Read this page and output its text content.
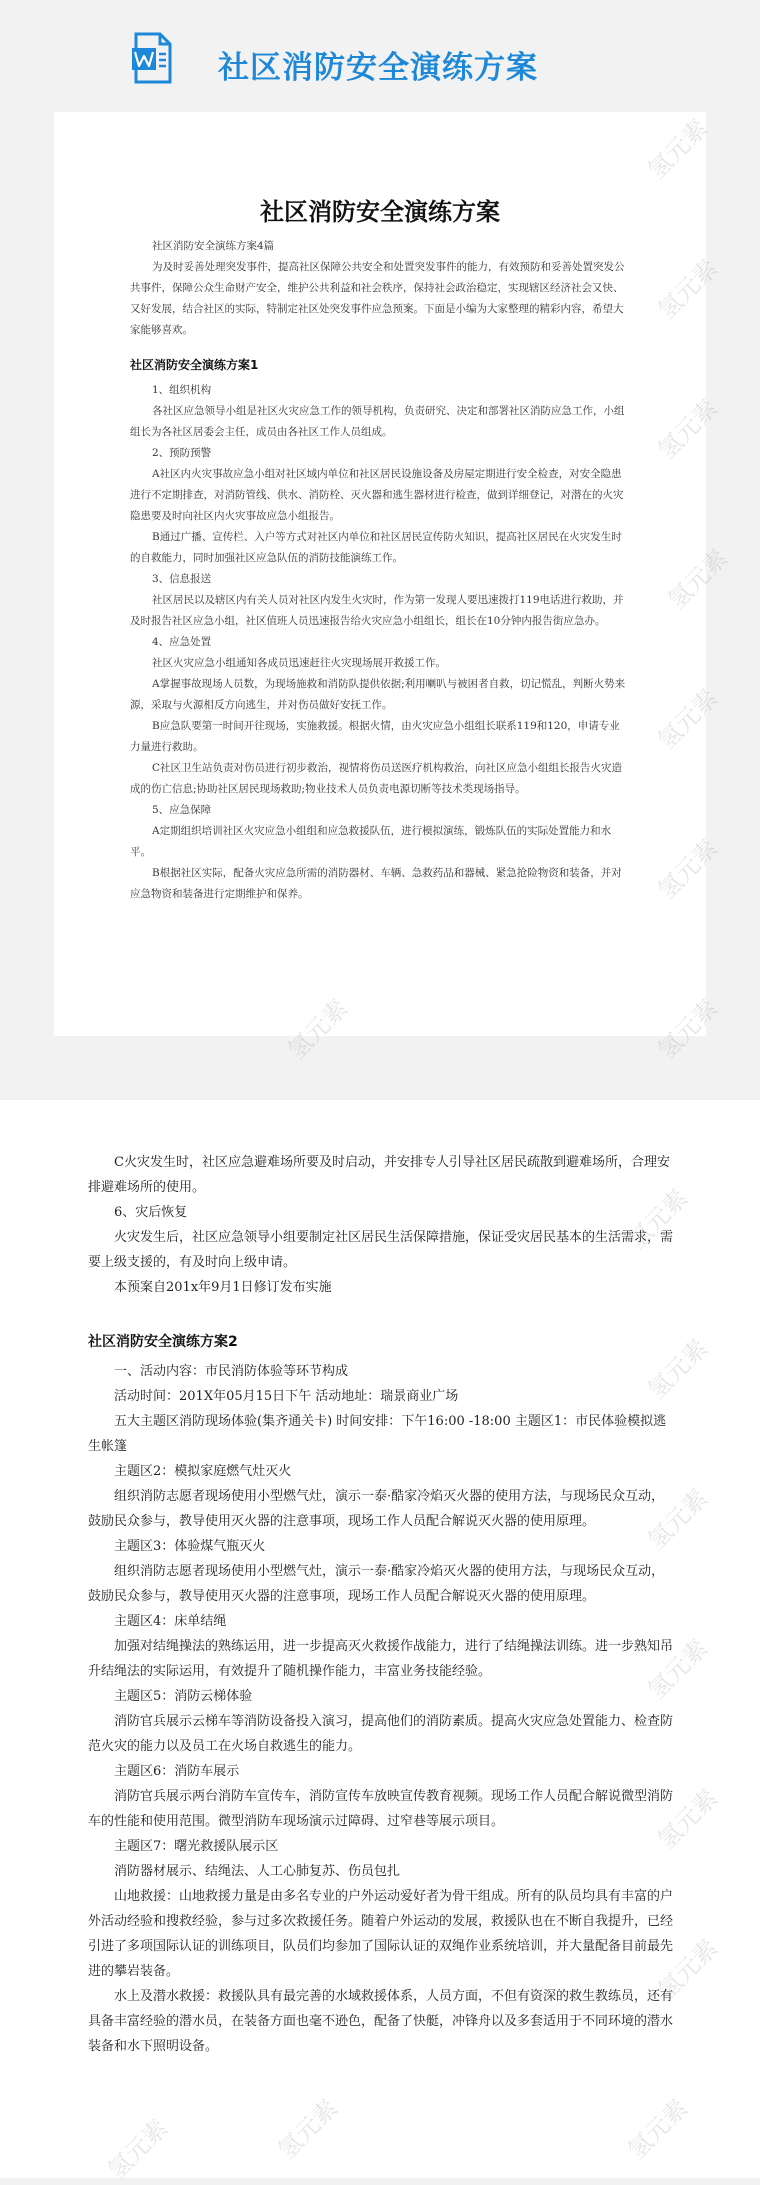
社区消防安全演练方案
社区消防安全演练方案

社区消防安全演练方案4篇

为及时妥善处理突发事件，提高社区保障公共安全和处置突发事件的能力，有效预防和妥善处置突发公共事件，保障公众生命财产安全，维护公共利益和社会秩序，保持社会政治稳定，实现辖区经济社会又快、又好发展，结合社区的实际，特制定社区处突发事件应急预案。下面是小编为大家整理的精彩内容，希望大家能够喜欢。

社区消防安全演练方案1

1、组织机构

各社区应急领导小组是社区火灾应急工作的领导机构，负责研究、决定和部署社区消防应急工作，小组组长为各社区居委会主任，成员由各社区工作人员组成。

2、预防预警

A社区内火灾事故应急小组对社区域内单位和社区居民设施设备及房屋定期进行安全检查，对安全隐患进行不定期排查，对消防管线、供水、消防栓、灭火器和逃生器材进行检查，做到详细登记，对潜在的火灾隐患要及时向社区内火灾事故应急小组报告。

B通过广播、宣传栏、入户等方式对社区内单位和社区居民宣传防火知识，提高社区居民在火灾发生时的自救能力，同时加强社区应急队伍的消防技能演练工作。

3、信息报送

社区居民以及辖区内有关人员对社区内发生火灾时，作为第一发现人要迅速拨打119电话进行救助，并及时报告社区应急小组，社区值班人员迅速报告给火灾应急小组组长，组长在10分钟内报告街应急办。

4、应急处置

社区火灾应急小组通知各成员迅速赶往火灾现场展开救援工作。

A掌握事故现场人员数，为现场施救和消防队提供依据;利用喇叭与被困者自救，切记慌乱，判断火势来源，采取与火源相反方向逃生，并对伤员做好安抚工作。

B应急队要第一时间开往现场，实施救援。根据火情，由火灾应急小组组长联系119和120，申请专业力量进行救助。

C社区卫生站负责对伤员进行初步救治，视情将伤员送医疗机构救治，向社区应急小组组长报告火灾造成的伤亡信息;协助社区居民现场救助;物业技术人员负责电源切断等技术类现场指导。

5、应急保障

A定期组织培训社区火灾应急小组组和应急救援队伍，进行模拟演练，锻炼队伍的实际处置能力和水平。

B根据社区实际，配备火灾应急所需的消防器材、车辆、急救药品和器械、紧急抢险物资和装备，并对应急物资和装备进行定期维护和保养。

C火灾发生时，社区应急避难场所要及时启动，并安排专人引导社区居民疏散到避难场所，合理安排避难场所的使用。

6、灾后恢复

火灾发生后，社区应急领导小组要制定社区居民生活保障措施，保证受灾居民基本的生活需求，需要上级支援的，有及时向上级申请。

本预案自201x年9月1日修订发布实施

社区消防安全演练方案2

一、活动内容：市民消防体验等环节构成

活动时间：201X年05月15日下午 活动地址：瑞景商业广场

五大主题区消防现场体验(集齐通关卡) 时间安排：下午16:00 -18:00 主题区1：市民体验模拟逃生帐篷

主题区2：模拟家庭燃气灶灭火

组织消防志愿者现场使用小型燃气灶，演示一泰·酷家冷焰灭火器的使用方法，与现场民众互动，鼓励民众参与，教导使用灭火器的注意事项，现场工作人员配合解说灭火器的使用原理。

主题区3：体验煤气瓶灭火

组织消防志愿者现场使用小型燃气灶，演示一泰·酷家冷焰灭火器的使用方法，与现场民众互动，鼓励民众参与，教导使用灭火器的注意事项，现场工作人员配合解说灭火器的使用原理。

主题区4：床单结绳

加强对结绳操法的熟练运用，进一步提高灭火救援作战能力，进行了结绳操法训练。进一步熟知吊升结绳法的实际运用，有效提升了随机操作能力，丰富业务技能经验。

主题区5：消防云梯体验

消防官兵展示云梯车等消防设备投入演习，提高他们的消防素质。提高火灾应急处置能力、检查防范火灾的能力以及员工在火场自救逃生的能力。

主题区6：消防车展示

消防官兵展示两台消防车宣传车，消防宣传车放映宣传教育视频。现场工作人员配合解说微型消防车的性能和使用范围。微型消防车现场演示过障碍、过窄巷等展示项目。

主题区7：曙光救援队展示区

消防器材展示、结绳法、人工心肺复苏、伤员包扎

山地救援：山地救援力量是由多名专业的户外运动爱好者为骨干组成。所有的队员均具有丰富的户外活动经验和搜救经验，参与过多次救援任务。随着户外运动的发展，救援队也在不断自我提升，已经引进了多项国际认证的训练项目，队员们均参加了国际认证的双绳作业系统培训，并大量配备目前最先进的攀岩装备。

水上及潜水救援：救援队具有最完善的水域救援体系，人员方面，不但有资深的救生教练员，还有具备丰富经验的潜水员，在装备方面也毫不逊色，配备了快艇，冲锋舟以及多套适用于不同环境的潜水装备和水下照明设备。

氢元素
氢元素
氢元素
氢元素
氢元素
氢元素
氢元素	氢元素
氢元素
氢元素
氢元素
氢元素
氢元素
氢元素
氢元素	氢元素
氢元素
